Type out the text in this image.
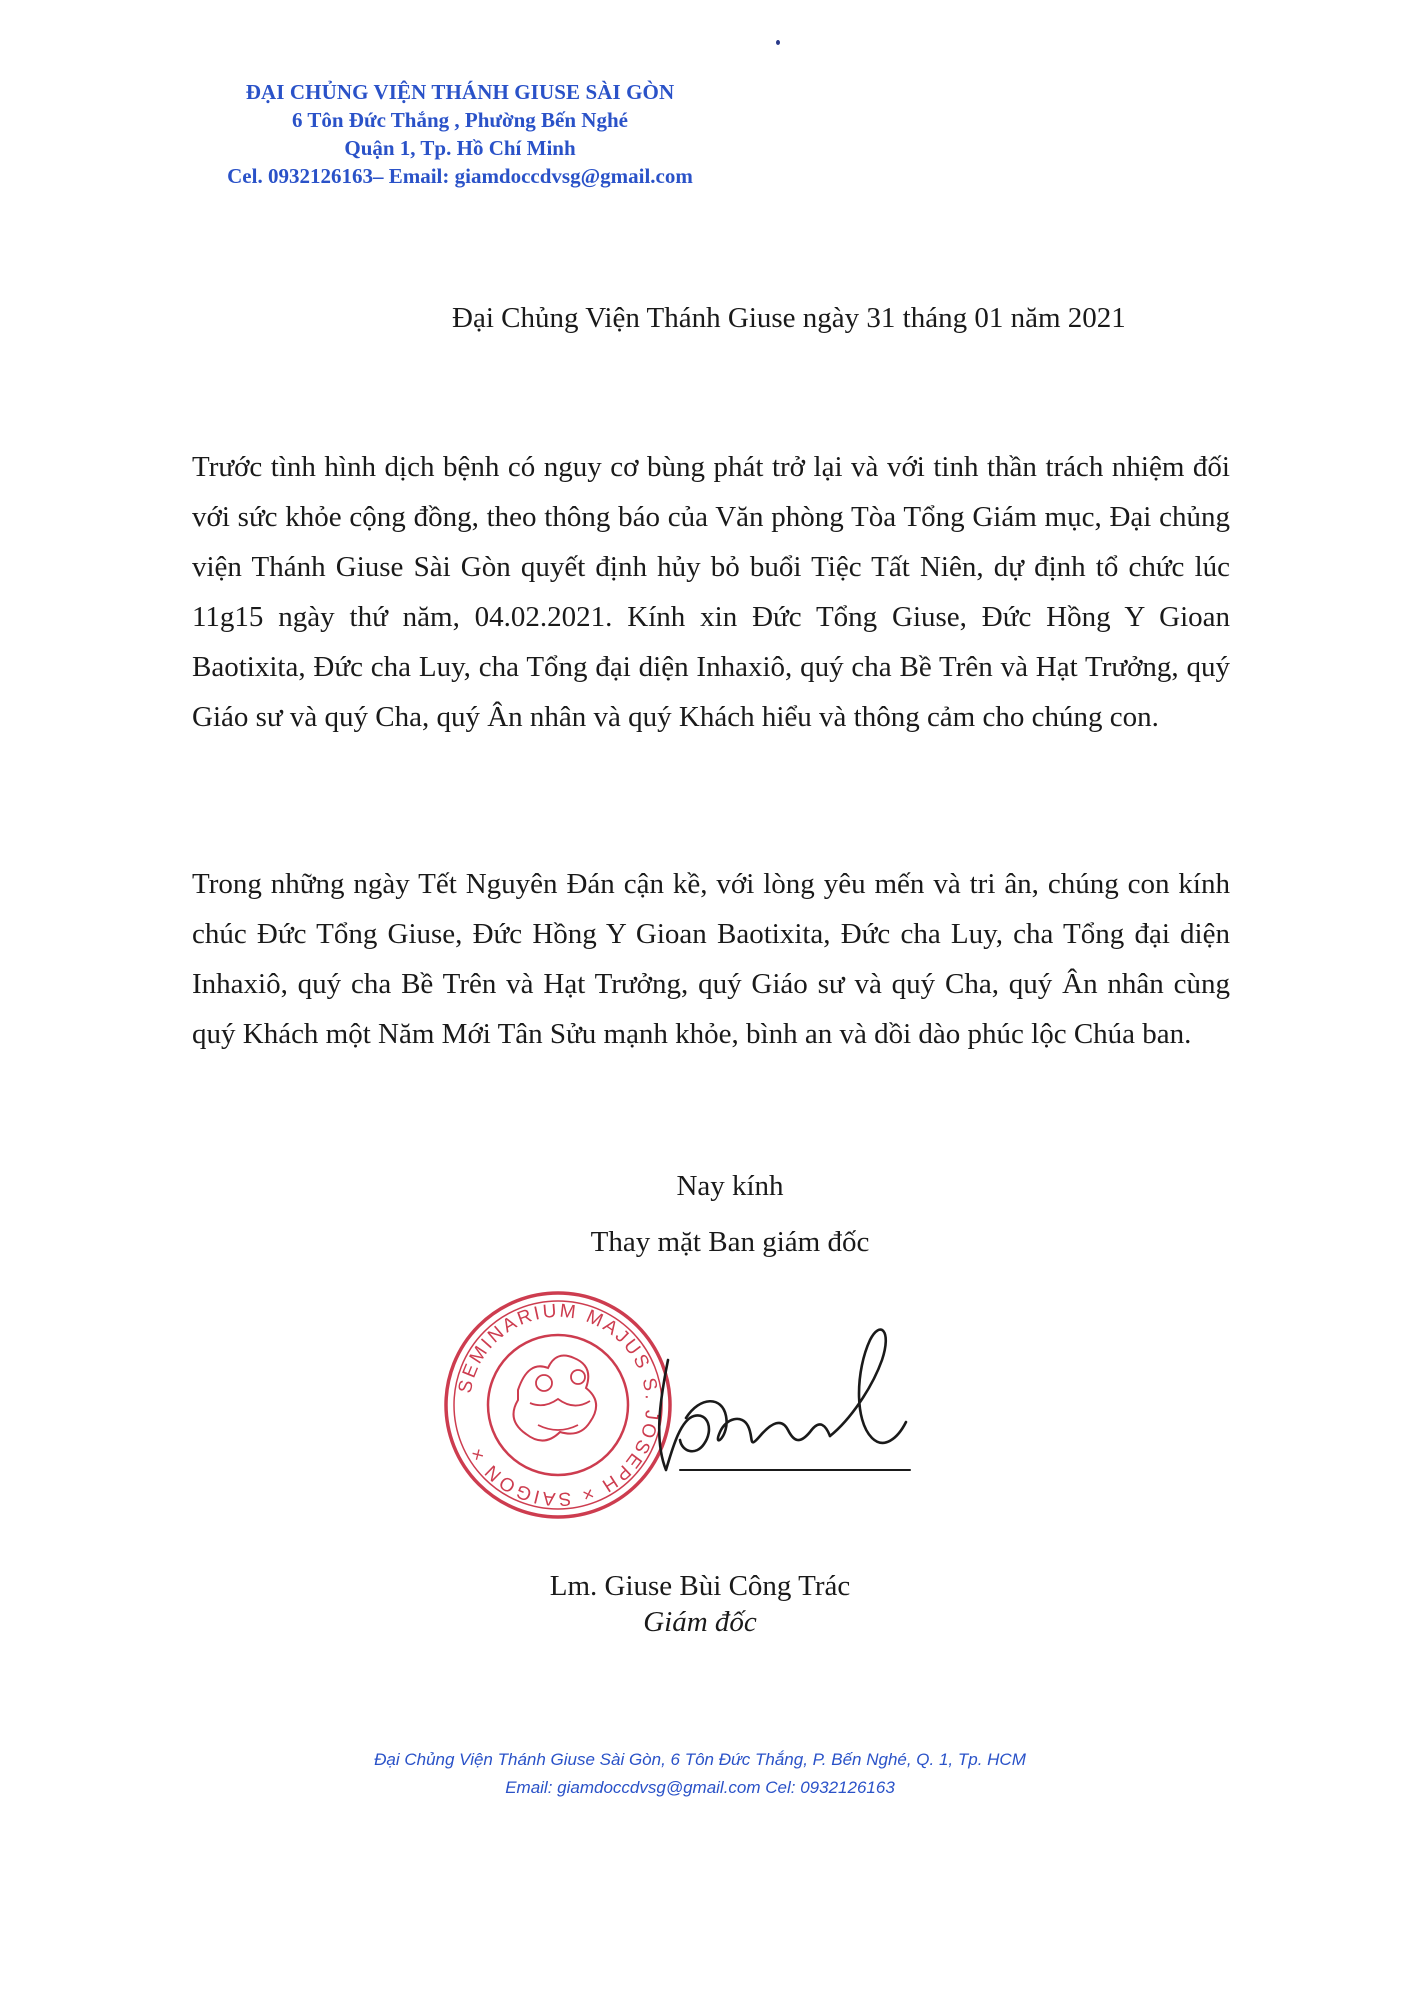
ĐẠI CHỦNG VIỆN THÁNH GIUSE SÀI GÒN
6 Tôn Đức Thắng , Phường Bến Nghé
Quận 1, Tp. Hồ Chí Minh
Cel. 0932126163– Email: giamdoccdvsg@gmail.com
Đại Chủng Viện Thánh Giuse ngày 31 tháng 01 năm 2021

Trước tình hình dịch bệnh có nguy cơ bùng phát trở lại và với tinh thần trách nhiệm đối với sức khỏe cộng đồng, theo thông báo của Văn phòng Tòa Tổng Giám mục, Đại chủng viện Thánh Giuse Sài Gòn quyết định hủy bỏ buổi Tiệc Tất Niên, dự định tổ chức lúc 11g15 ngày thứ năm, 04.02.2021. Kính xin Đức Tổng Giuse, Đức Hồng Y Gioan Baotixita, Đức cha Luy, cha Tổng đại diện Inhaxiô, quý cha Bề Trên và Hạt Trưởng, quý Giáo sư và quý Cha, quý Ân nhân và quý Khách hiểu và thông cảm cho chúng con.

Trong những ngày Tết Nguyên Đán cận kề, với lòng yêu mến và tri ân, chúng con kính chúc Đức Tổng Giuse, Đức Hồng Y Gioan Baotixita, Đức cha Luy, cha Tổng đại diện Inhaxiô, quý cha Bề Trên và Hạt Trưởng, quý Giáo sư và quý Cha, quý Ân nhân cùng quý Khách một Năm Mới Tân Sửu mạnh khỏe, bình an và dồi dào phúc lộc Chúa ban.

Nay kính
Thay mặt Ban giám đốc
SEMINARIUM MAJUS S. JOSEPH × SAIGON ×
Lm. Giuse Bùi Công Trác
Giám đốc
Đại Chủng Viện Thánh Giuse Sài Gòn, 6 Tôn Đức Thắng, P. Bến Nghé, Q. 1, Tp. HCM
Email: giamdoccdvsg@gmail.com Cel: 0932126163
